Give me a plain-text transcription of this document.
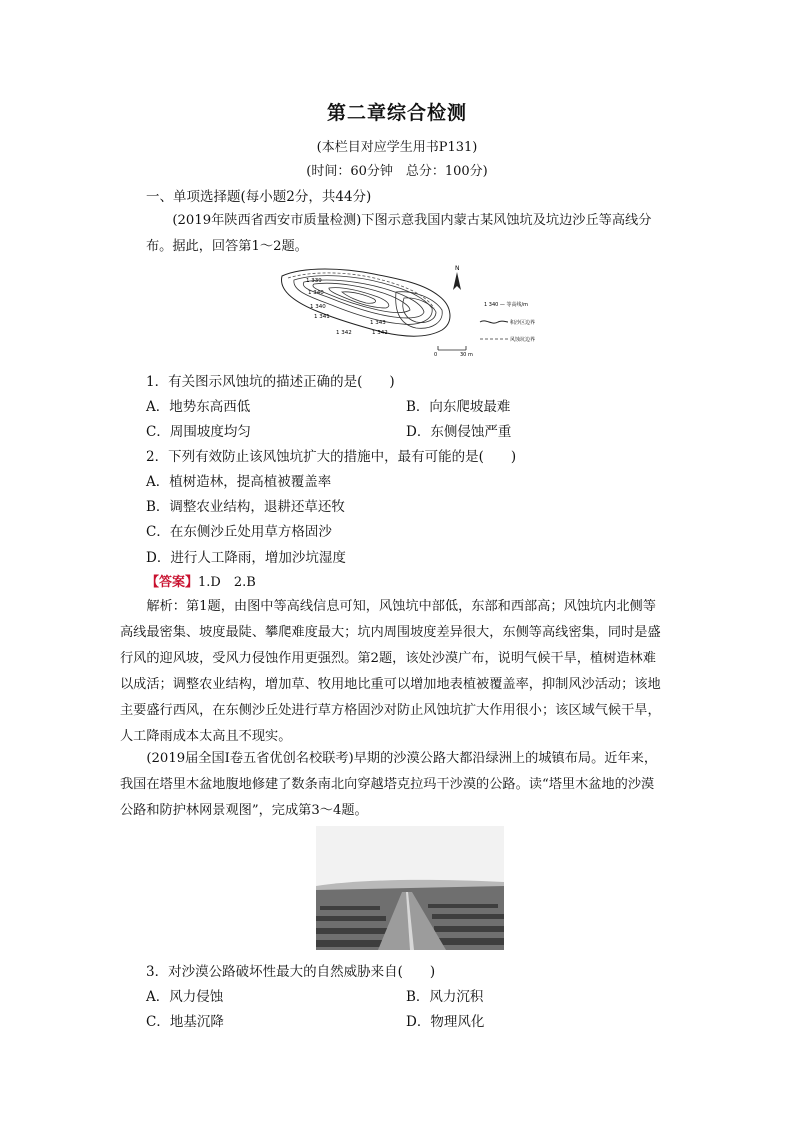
第二章综合检测
(本栏目对应学生用书P131)
(时间：60分钟　总分：100分)
一、单项选择题(每小题2分，共44分)

(2019年陕西省西安市质量检测)下图示意我国内蒙古某风蚀坑及坑边沙丘等高线分布。据此，回答第1～2题。

1 339
1 340
1 340
1 341
1 342
1 343
1 342
N
1 340 — 等高线/m
积沙区边界
风蚀坑边界
0	30 m
1．有关图示风蚀坑的描述正确的是(　　)
A．地势东高西低	B．向东爬坡最难
C．周围坡度均匀	D．东侧侵蚀严重
2．下列有效防止该风蚀坑扩大的措施中，最有可能的是(　　)
A．植树造林，提高植被覆盖率
B．调整农业结构，退耕还草还牧
C．在东侧沙丘处用草方格固沙
D．进行人工降雨，增加沙坑湿度
【答案】1.D　2.B

解析：第1题，由图中等高线信息可知，风蚀坑中部低，东部和西部高；风蚀坑内北侧等高线最密集、坡度最陡、攀爬难度最大；坑内周围坡度差异很大，东侧等高线密集，同时是盛行风的迎风坡，受风力侵蚀作用更强烈。第2题，该处沙漠广布，说明气候干旱，植树造林难以成活；调整农业结构，增加草、牧用地比重可以增加地表植被覆盖率，抑制风沙活动；该地主要盛行西风，在东侧沙丘处进行草方格固沙对防止风蚀坑扩大作用很小；该区域气候干旱，人工降雨成本太高且不现实。

(2019届全国Ⅰ卷五省优创名校联考)早期的沙漠公路大都沿绿洲上的城镇布局。近年来，我国在塔里木盆地腹地修建了数条南北向穿越塔克拉玛干沙漠的公路。读“塔里木盆地的沙漠公路和防护林网景观图”，完成第3～4题。

3．对沙漠公路破坏性最大的自然威胁来自(　　)
A．风力侵蚀	B．风力沉积
C．地基沉降	D．物理风化
